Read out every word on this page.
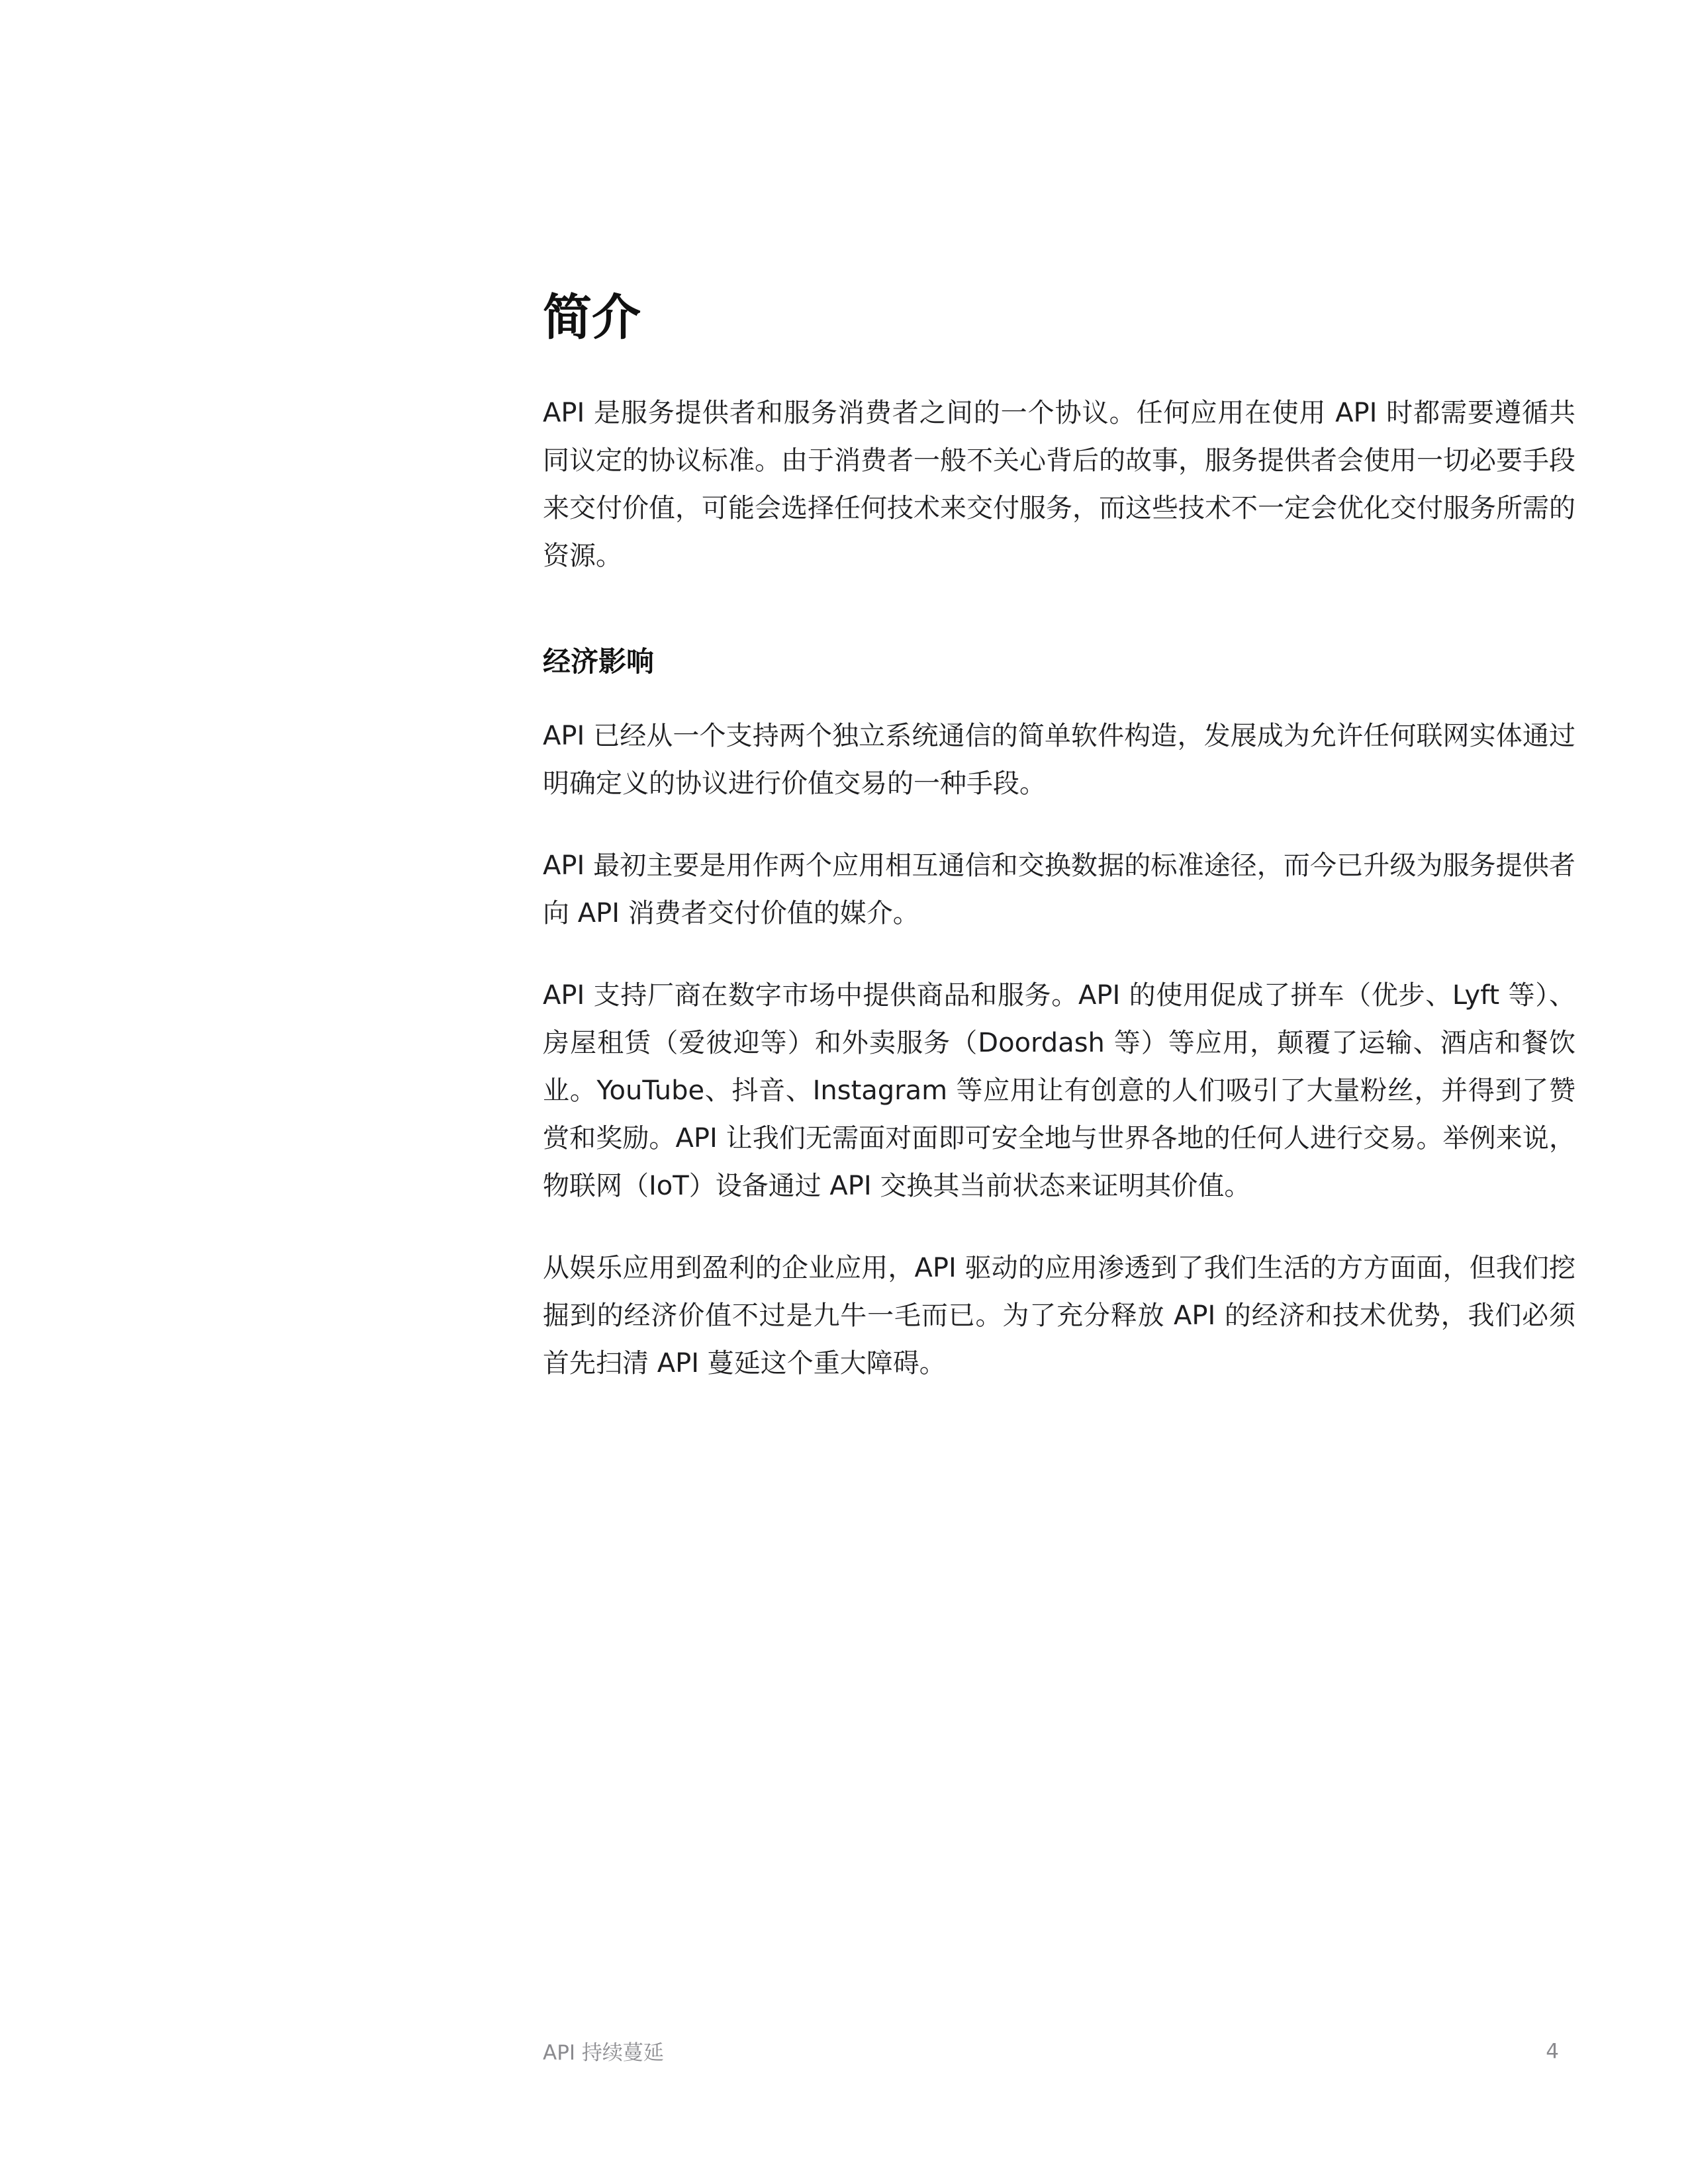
简介

API 是服务提供者和服务消费者之间的一个协议。任何应用在使用 API 时都需要遵循共同议定的协议标准。由于消费者一般不关心背后的故事，服务提供者会使用一切必要手段来交付价值，可能会选择任何技术来交付服务，而这些技术不一定会优化交付服务所需的资源。

经济影响

API 已经从一个支持两个独立系统通信的简单软件构造，发展成为允许任何联网实体通过明确定义的协议进行价值交易的一种手段。

API 最初主要是用作两个应用相互通信和交换数据的标准途径，而今已升级为服务提供者向 API 消费者交付价值的媒介。

API 支持厂商在数字市场中提供商品和服务。API 的使用促成了拼车（优步、Lyft 等）、房屋租赁（爱彼迎等）和外卖服务（Doordash 等）等应用，颠覆了运输、酒店和餐饮业。YouTube、抖音、Instagram 等应用让有创意的人们吸引了大量粉丝，并得到了赞赏和奖励。API 让我们无需面对面即可安全地与世界各地的任何人进行交易。举例来说，物联网（IoT）设备通过 API 交换其当前状态来证明其价值。

从娱乐应用到盈利的企业应用，API 驱动的应用渗透到了我们生活的方方面面，但我们挖掘到的经济价值不过是九牛一毛而已。为了充分释放 API 的经济和技术优势，我们必须首先扫清 API 蔓延这个重大障碍。

API 持续蔓延	4
